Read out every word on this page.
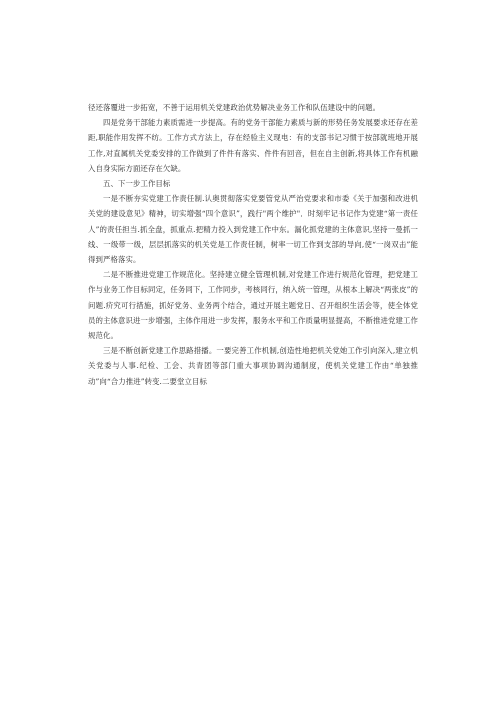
径还落覆进一步拓宽，不善于运用机关党建政治优势解决业务工作和队伍建设中的问题。

四是党务干部能力素质需进一步提高。有的党务干部能力素质与新的形势任务发展要求还存在差距,职能作用发挥不纺。工作方式方法上，存在经验主义现电：有的支部书记习惯于按部就班地开展工作,对直属机关党委安排的工作做到了件件有落实、件件有回音，但在自主创新,将具体工作有机融入自身实际方面还存在欠缺。

五、下一步工作目标

一是不断夯实党建工作责任制.认奥贯彻落实党要管党从严治党要求和市委《关于加强和改进机关党的建设意见》精神，切实增强“四个意识”，践行"两个维护"．时刻牢记书记作为党建“第一责任人”的责任担当.抓全盘，抓重点.把精力投入到党建工作中东。漏化抓党建的主体意识,坚持一曼抓一线、一级带一级，层层抓落实的机关党是工作责任制，树率一切工作到支部的导向,使“一岗双击”能得到严格落实。

二是不断推进党建工作规范化。坚持建立健全管理机制,对党建工作进行规范化管理，把党建工作与业务工作目标同定，任务同下，工作同步，考核同行，纳入统一管理，从根本上解决“两张皮”的问题.疥究可行措施，抓好党务、业务两个结合，通过开展主题党日、召开组织生活会等，使全体党员的主体意识进一步增强，主体作用进一步发挥，服务水平和工作质量明显提高，不断推进党建工作规范化。

三是不断创新党建工作思路措播。一要完善工作机制,创造性地把机关党她工作引向深入,建立机关党委与人事.纪检、工会、共青团等部门重大事项协调沟通制度，使机关党建工作由“单独推动”向“合力推进”转变.二要堂立目标
